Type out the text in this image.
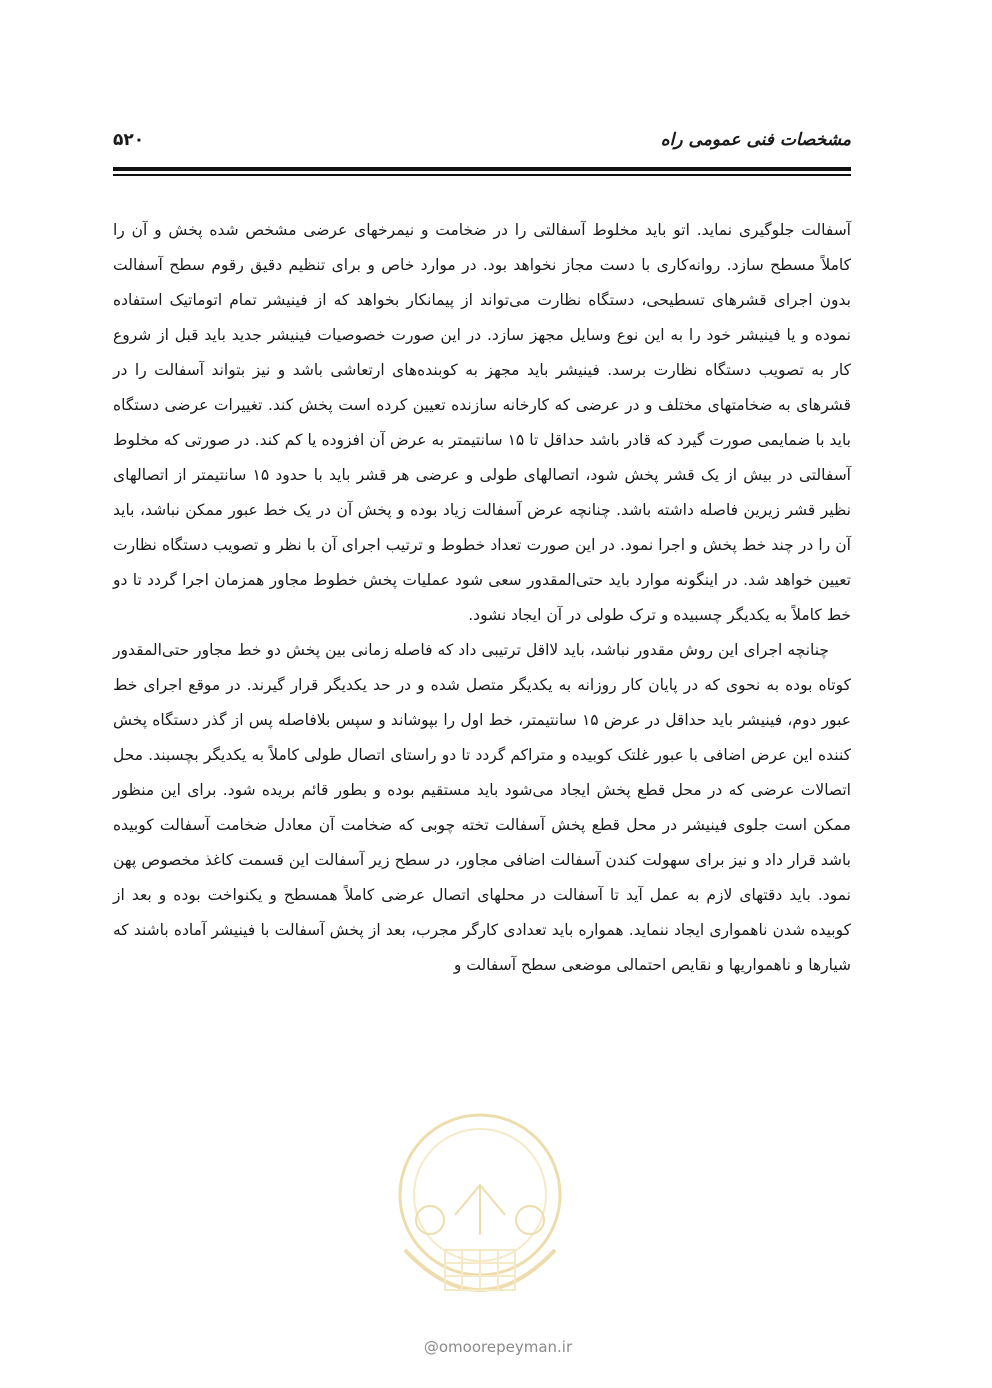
مشخصات فنی عمومی راه
۵۲۰

آسفالت جلوگیری نماید. اتو باید مخلوط آسفالتی را در ضخامت و نیمرخهای عرضی مشخص شده پخش و آن را کاملاً مسطح سازد. روانه‌کاری با دست مجاز نخواهد بود. در موارد خاص و برای تنظیم دقیق رقوم سطح آسفالت بدون اجرای قشرهای تسطیحی، دستگاه نظارت می‌تواند از پیمانکار بخواهد که از فینیشر تمام اتوماتیک استفاده نموده و یا فینیشر خود را به این نوع وسایل مجهز سازد. در این صورت خصوصیات فینیشر جدید باید قبل از شروع کار به تصویب دستگاه نظارت برسد. فینیشر باید مجهز به کوبنده‌های ارتعاشی باشد و نیز بتواند آسفالت را در قشرهای به ضخامتهای مختلف و در عرضی که کارخانه سازنده تعیین کرده است پخش کند. تغییرات عرضی دستگاه باید با ضمایمی صورت گیرد که قادر باشد حداقل تا ۱۵ سانتیمتر به عرض آن افزوده یا کم کند. در صورتی که مخلوط آسفالتی در بیش از یک قشر پخش شود، اتصالهای طولی و عرضی هر قشر باید با حدود ۱۵ سانتیمتر از اتصالهای نظیر قشر زیرین فاصله داشته باشد. چنانچه عرض آسفالت زیاد بوده و پخش آن در یک خط عبور ممکن نباشد، باید آن را در چند خط پخش و اجرا نمود. در این صورت تعداد خطوط و ترتیب اجرای آن با نظر و تصویب دستگاه نظارت تعیین خواهد شد. در اینگونه موارد باید حتی‌المقدور سعی شود عملیات پخش خطوط مجاور همزمان اجرا گردد تا دو خط کاملاً به یکدیگر چسبیده و ترک طولی در آن ایجاد نشود.

چنانچه اجرای این روش مقدور نباشد، باید لااقل ترتیبی داد که فاصله زمانی بین پخش دو خط مجاور حتی‌المقدور کوتاه بوده به نحوی که در پایان کار روزانه به یکدیگر متصل شده و در حد یکدیگر قرار گیرند. در موقع اجرای خط عبور دوم، فینیشر باید حداقل در عرض ۱۵ سانتیمتر، خط اول را بپوشاند و سپس بلافاصله پس از گذر دستگاه پخش کننده این عرض اضافی با عبور غلتک کوبیده و متراکم گردد تا دو راستای اتصال طولی کاملاً به یکدیگر بچسبند. محل اتصالات عرضی که در محل قطع پخش ایجاد می‌شود باید مستقیم بوده و بطور قائم بریده شود. برای این منظور ممکن است جلوی فینیشر در محل قطع پخش آسفالت تخته چوبی که ضخامت آن معادل ضخامت آسفالت کوبیده باشد قرار داد و نیز برای سهولت کندن آسفالت اضافی مجاور، در سطح زیر آسفالت این قسمت کاغذ مخصوص پهن نمود. باید دقتهای لازم به عمل آید تا آسفالت در محلهای اتصال عرضی کاملاً همسطح و یکنواخت بوده و بعد از کوبیده شدن ناهمواری ایجاد ننماید. همواره باید تعدادی کارگر مجرب، بعد از پخش آسفالت با فینیشر آماده باشند که شیارها و ناهمواریها و نقایص احتمالی موضعی سطح آسفالت و

@omoorepeyman.ir
